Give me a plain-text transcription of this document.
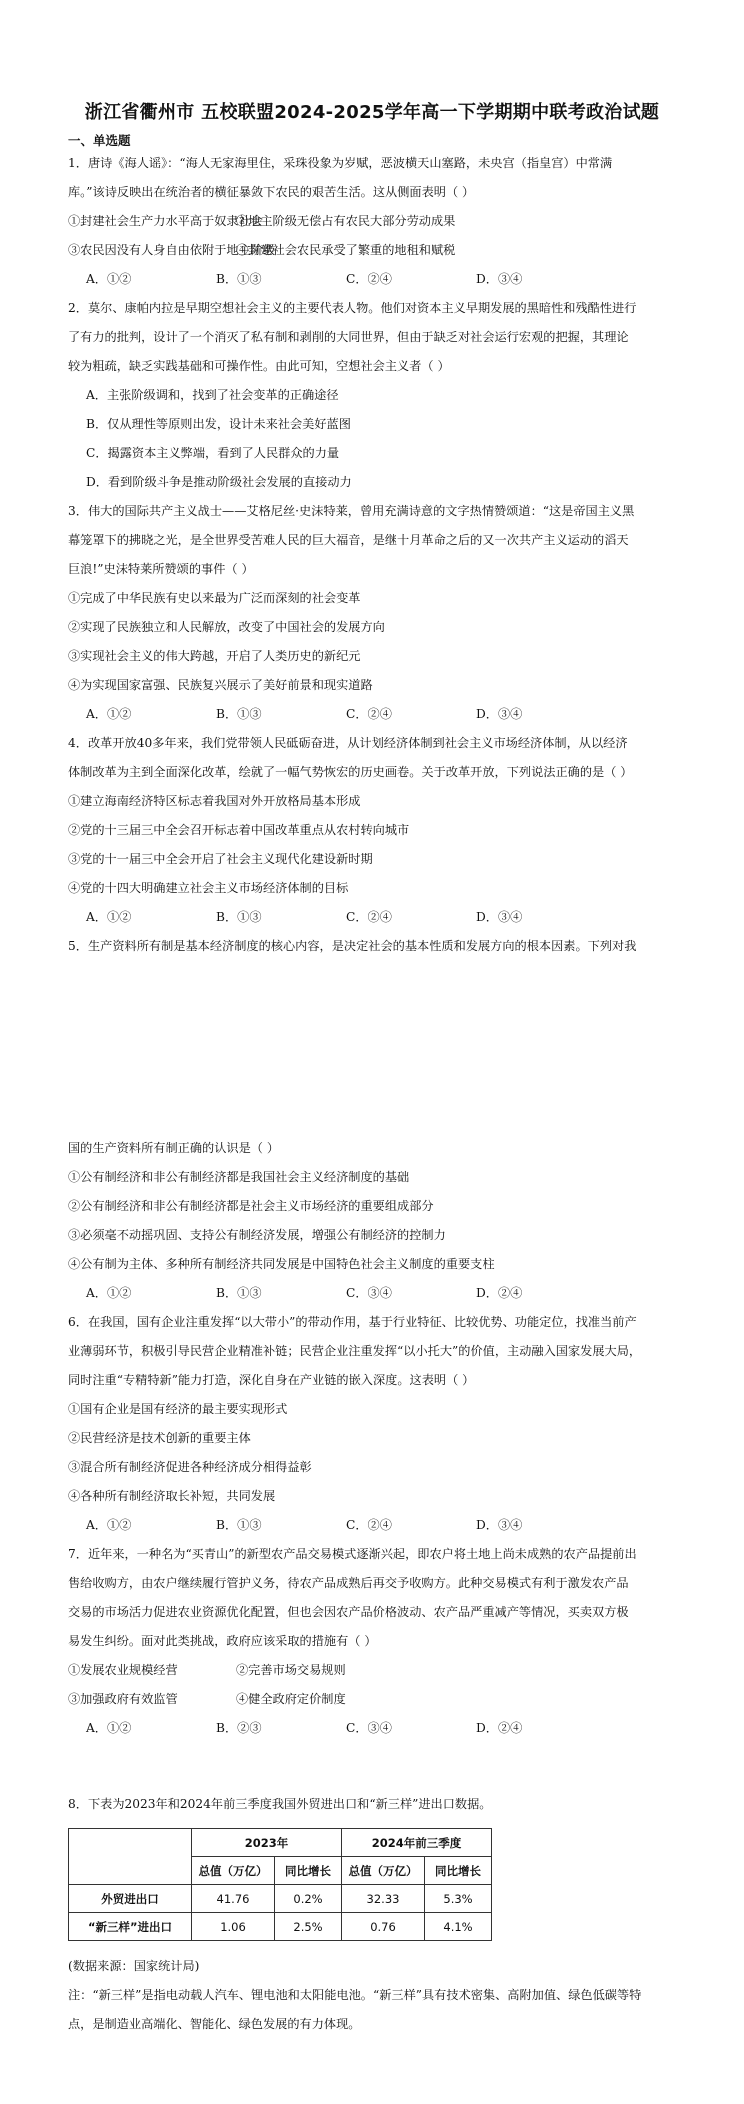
浙江省衢州市 五校联盟2024-2025学年高一下学期期中联考政治试题
一、单选题
1．唐诗《海人谣》：“海人无家海里住，采珠役象为岁赋，恶波横天山塞路，未央宫（指皇宫）中常满
库。”该诗反映出在统治者的横征暴敛下农民的艰苦生活。这从侧面表明（ ）
①封建社会生产力水平高于奴隶社会
②地主阶级无偿占有农民大部分劳动成果
③农民因没有人身自由依附于地主阶级
④封建社会农民承受了繁重的地租和赋税
A．①②	B．①③	C．②④	D．③④
2．莫尔、康帕内拉是早期空想社会主义的主要代表人物。他们对资本主义早期发展的黑暗性和残酷性进行
了有力的批判，设计了一个消灭了私有制和剥削的大同世界，但由于缺乏对社会运行宏观的把握，其理论
较为粗疏，缺乏实践基础和可操作性。由此可知，空想社会主义者（ ）
A．主张阶级调和，找到了社会变革的正确途径
B．仅从理性等原则出发，设计未来社会美好蓝图
C．揭露资本主义弊端，看到了人民群众的力量
D．看到阶级斗争是推动阶级社会发展的直接动力
3．伟大的国际共产主义战士——艾格尼丝·史沫特莱，曾用充满诗意的文字热情赞颂道：“这是帝国主义黑
幕笼罩下的拂晓之光，是全世界受苦难人民的巨大福音，是继十月革命之后的又一次共产主义运动的滔天
巨浪!”史沫特莱所赞颂的事件（ ）
①完成了中华民族有史以来最为广泛而深刻的社会变革
②实现了民族独立和人民解放，改变了中国社会的发展方向
③实现社会主义的伟大跨越，开启了人类历史的新纪元
④为实现国家富强、民族复兴展示了美好前景和现实道路
A．①②	B．①③	C．②④	D．③④
4．改革开放40多年来，我们党带领人民砥砺奋进，从计划经济体制到社会主义市场经济体制，从以经济
体制改革为主到全面深化改革，绘就了一幅气势恢宏的历史画卷。关于改革开放，下列说法正确的是（ ）
①建立海南经济特区标志着我国对外开放格局基本形成
②党的十三届三中全会召开标志着中国改革重点从农村转向城市
③党的十一届三中全会开启了社会主义现代化建设新时期
④党的十四大明确建立社会主义市场经济体制的目标
A．①②	B．①③	C．②④	D．③④
5．生产资料所有制是基本经济制度的核心内容，是决定社会的基本性质和发展方向的根本因素。下列对我
国的生产资料所有制正确的认识是（ ）
①公有制经济和非公有制经济都是我国社会主义经济制度的基础
②公有制经济和非公有制经济都是社会主义市场经济的重要组成部分
③必须毫不动摇巩固、支持公有制经济发展，增强公有制经济的控制力
④公有制为主体、多种所有制经济共同发展是中国特色社会主义制度的重要支柱
A．①②	B．①③	C．③④	D．②④
6．在我国，国有企业注重发挥“以大带小”的带动作用，基于行业特征、比较优势、功能定位，找准当前产
业薄弱环节，积极引导民营企业精准补链；民营企业注重发挥“以小托大”的价值，主动融入国家发展大局，
同时注重“专精特新”能力打造，深化自身在产业链的嵌入深度。这表明（ ）
①国有企业是国有经济的最主要实现形式
②民营经济是技术创新的重要主体
③混合所有制经济促进各种经济成分相得益彰
④各种所有制经济取长补短，共同发展
A．①②	B．①③	C．②④	D．③④
7．近年来，一种名为“买青山”的新型农产品交易模式逐渐兴起，即农户将土地上尚未成熟的农产品提前出
售给收购方，由农户继续履行管护义务，待农产品成熟后再交予收购方。此种交易模式有利于激发农产品
交易的市场活力促进农业资源优化配置，但也会因农产品价格波动、农产品严重减产等情况，买卖双方极
易发生纠纷。面对此类挑战，政府应该采取的措施有（ ）
①发展农业规模经营	②完善市场交易规则
③加强政府有效监管	④健全政府定价制度
A．①②	B．②③	C．③④	D．②④
8．下表为2023年和2024年前三季度我国外贸进出口和“新三样”进出口数据。
	2023年		2024年前三季度	
	总值（万亿）	同比增长	总值（万亿）	同比增长
外贸进出口	41.76	0.2%	32.33	5.3%
“新三样”进出口	1.06	2.5%	0.76	4.1%
(数据来源：国家统计局)
注：“新三样”是指电动载人汽车、锂电池和太阳能电池。“新三样”具有技术密集、高附加值、绿色低碳等特
点，是制造业高端化、智能化、绿色发展的有力体现。
